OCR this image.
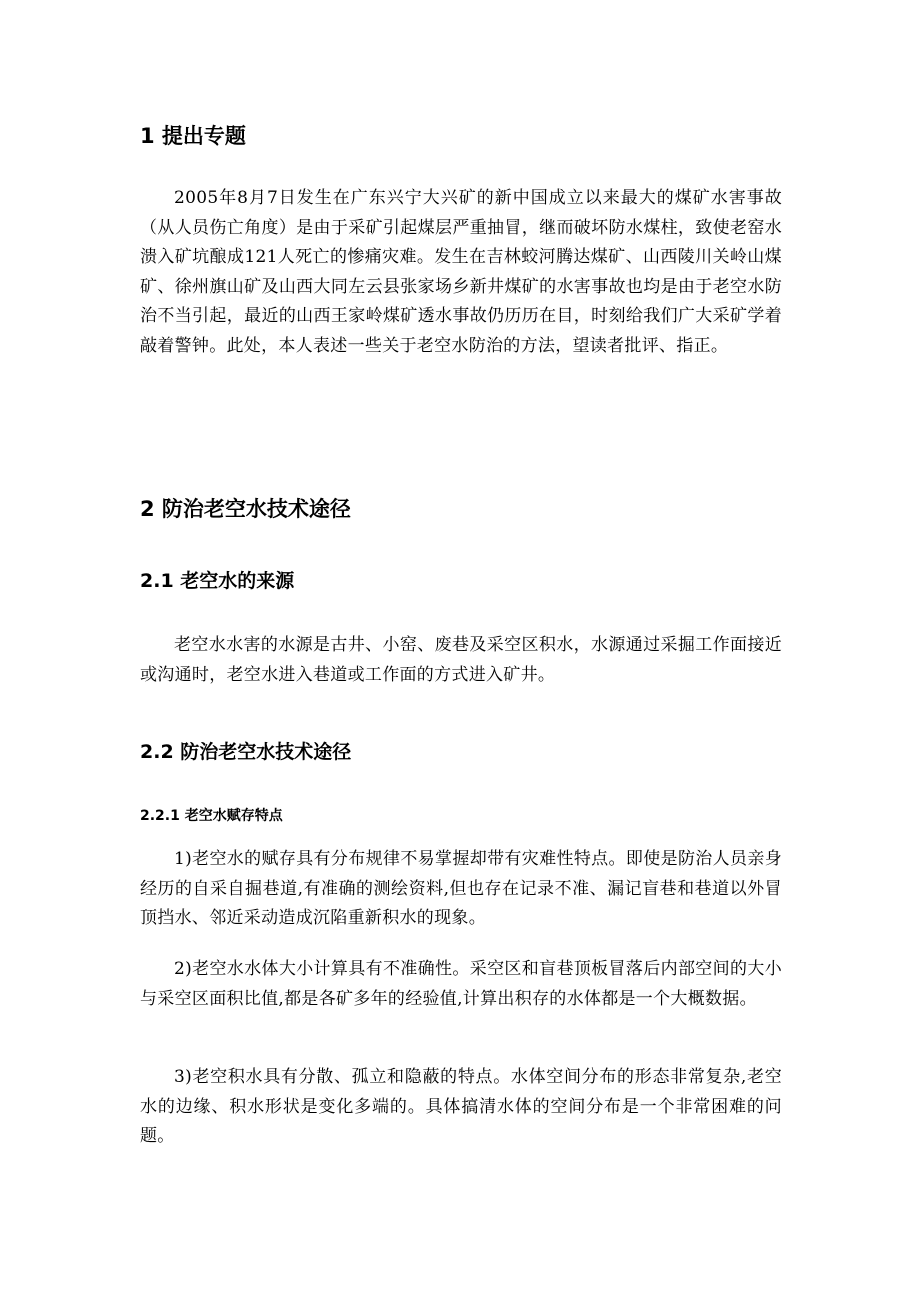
1 提出专题

2005年8月7日发生在广东兴宁大兴矿的新中国成立以来最大的煤矿水害事故（从人员伤亡角度）是由于采矿引起煤层严重抽冒，继而破坏防水煤柱，致使老窑水溃入矿坑酿成121人死亡的惨痛灾难。发生在吉林蛟河腾达煤矿、山西陵川关岭山煤矿、徐州旗山矿及山西大同左云县张家场乡新井煤矿的水害事故也均是由于老空水防治不当引起，最近的山西王家岭煤矿透水事故仍历历在目，时刻给我们广大采矿学着敲着警钟。此处，本人表述一些关于老空水防治的方法，望读者批评、指正。

2 防治老空水技术途径
2.1 老空水的来源

老空水水害的水源是古井、小窑、废巷及采空区积水，水源通过采掘工作面接近或沟通时，老空水进入巷道或工作面的方式进入矿井。

2.2 防治老空水技术途径
2.2.1 老空水赋存特点

1)老空水的赋存具有分布规律不易掌握却带有灾难性特点。即使是防治人员亲身经历的自采自掘巷道,有准确的测绘资料,但也存在记录不准、漏记盲巷和巷道以外冒顶挡水、邻近采动造成沉陷重新积水的现象。

2)老空水水体大小计算具有不准确性。采空区和盲巷顶板冒落后内部空间的大小与采空区面积比值,都是各矿多年的经验值,计算出积存的水体都是一个大概数据。

3)老空积水具有分散、孤立和隐蔽的特点。水体空间分布的形态非常复杂,老空水的边缘、积水形状是变化多端的。具体搞清水体的空间分布是一个非常困难的问题。
